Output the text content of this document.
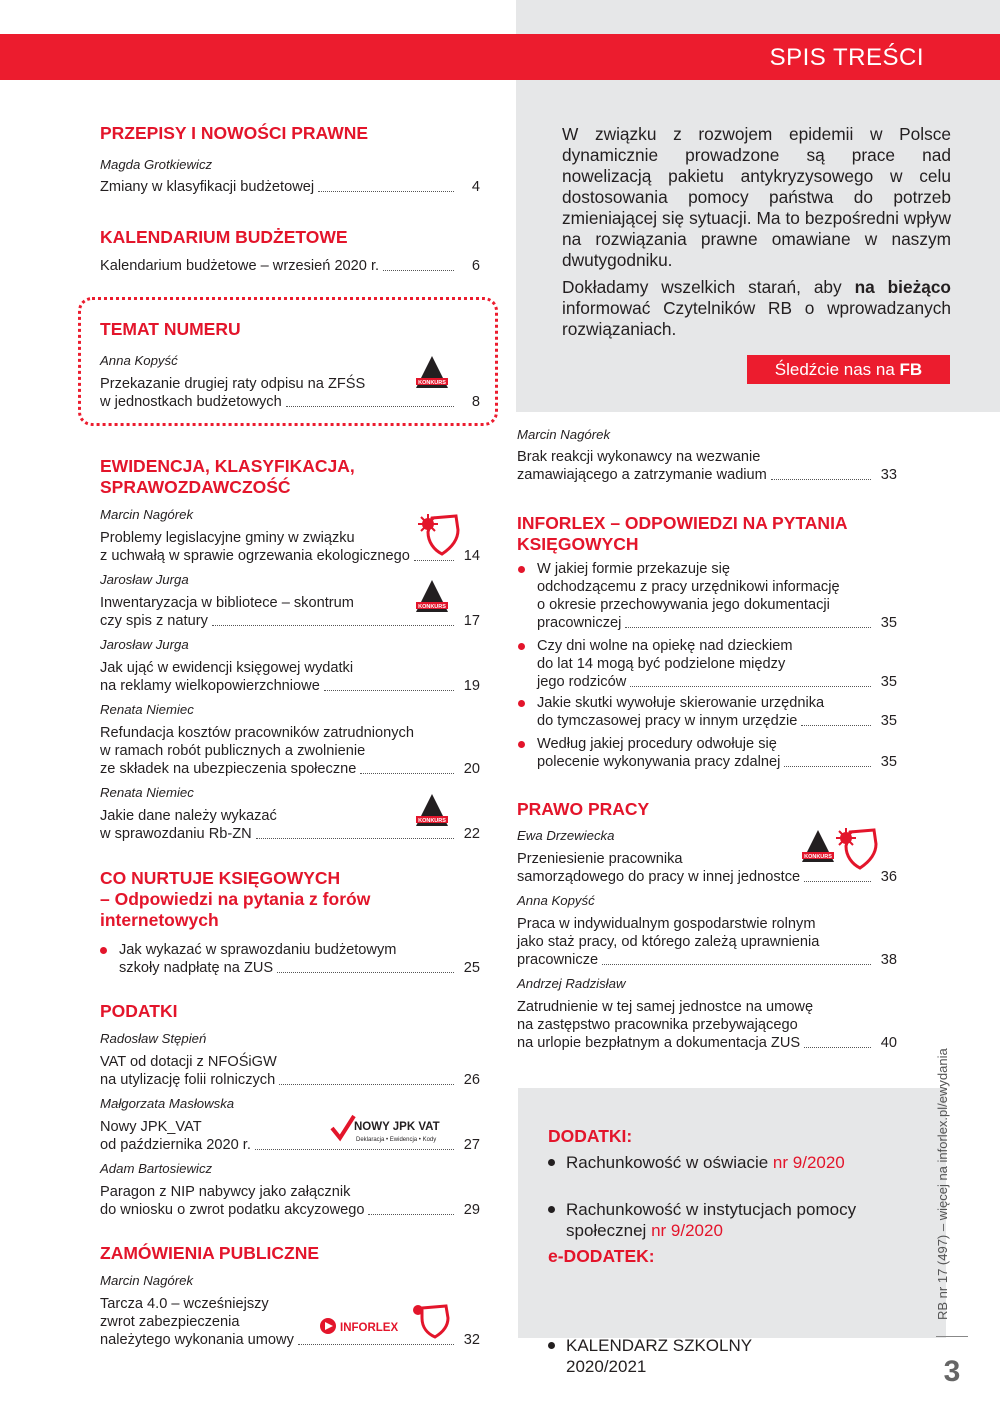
SPIS TREŚCI
W związku z rozwojem epidemii w Polsce dynamicznie prowadzone są prace nad nowelizacją pakietu antykryzysowego w celu dostosowania pomocy państwa do potrzeb zmieniającej się sytuacji. Ma to bezpośredni wpływ na rozwiązania prawne omawiane w naszym dwutygodniku.
Dokładamy wszelkich starań, aby na bieżąco informować Czytelników RB o wprowadzanych rozwiązaniach.
Śledźcie nas na FB
PRZEPISY I NOWOŚCI PRAWNE
Magda Grotkiewicz
Zmiany w klasyfikacji budżetowej	4
KALENDARIUM BUDŻETOWE
Kalendarium budżetowe – wrzesień 2020 r.	6
TEMAT NUMERU
Anna Kopyść
Przekazanie drugiej raty odpisu na ZFŚS
w jednostkach budżetowych	8
KONKURS
EWIDENCJA, KLASYFIKACJA,
SPRAWOZDAWCZOŚĆ
Marcin Nagórek
Problemy legislacyjne gminy w związku
z uchwałą w sprawie ogrzewania ekologicznego	14
Jarosław Jurga
Inwentaryzacja w bibliotece – skontrum
czy spis z natury	17
KONKURS
Jarosław Jurga
Jak ująć w ewidencji księgowej wydatki
na reklamy wielkopowierzchniowe	19
Renata Niemiec
Refundacja kosztów pracowników zatrudnionych
w ramach robót publicznych a zwolnienie
ze składek na ubezpieczenia społeczne	20
Renata Niemiec
Jakie dane należy wykazać
w sprawozdaniu Rb-ZN	22
KONKURS
CO NURTUJE KSIĘGOWYCH
– Odpowiedzi na pytania z forów
internetowych
Jak wykazać w sprawozdaniu budżetowym
szkoły nadpłatę na ZUS	25
PODATKI
Radosław Stępień
VAT od dotacji z NFOŚiGW
na utylizację folii rolniczych	26
Małgorzata Masłowska
Nowy JPK_VAT
od października 2020 r.	27
NOWY JPK VAT
Deklaracja • Ewidencja • Kody
Adam Bartosiewicz
Paragon z NIP nabywcy jako załącznik
do wniosku o zwrot podatku akcyzowego	29
ZAMÓWIENIA PUBLICZNE
Marcin Nagórek
Tarcza 4.0 – wcześniejszy
zwrot zabezpieczenia
należytego wykonania umowy	32
INFORLEX
Marcin Nagórek
Brak reakcji wykonawcy na wezwanie
zamawiającego a zatrzymanie wadium	33
INFORLEX – ODPOWIEDZI NA PYTANIA
KSIĘGOWYCH
W jakiej formie przekazuje się
odchodzącemu z pracy urzędnikowi informację
o okresie przechowywania jego dokumentacji
pracowniczej	35
Czy dni wolne na opiekę nad dzieckiem
do lat 14 mogą być podzielone między
jego rodziców	35
Jakie skutki wywołuje skierowanie urzędnika
do tymczasowej pracy w innym urzędzie	35
Według jakiej procedury odwołuje się
polecenie wykonywania pracy zdalnej	35
PRAWO PRACY
Ewa Drzewiecka
Przeniesienie pracownika
samorządowego do pracy w innej jednostce	36
KONKURS
Anna Kopyść
Praca w indywidualnym gospodarstwie rolnym
jako staż pracy, od którego zależą uprawnienia
pracownicze	38
Andrzej Radzisław
Zatrudnienie w tej samej jednostce na umowę
na zastępstwo pracownika przebywającego
na urlopie bezpłatnym a dokumentacja ZUS	40
DODATKI:
Rachunkowość w oświacie nr 9/2020
Rachunkowość w instytucjach pomocy
społecznej nr 9/2020
e-DODATEK:
KALENDARZ SZKOLNY
2020/2021
RB nr 17 (497) – więcej na inforlex.pl/ewydania
3
